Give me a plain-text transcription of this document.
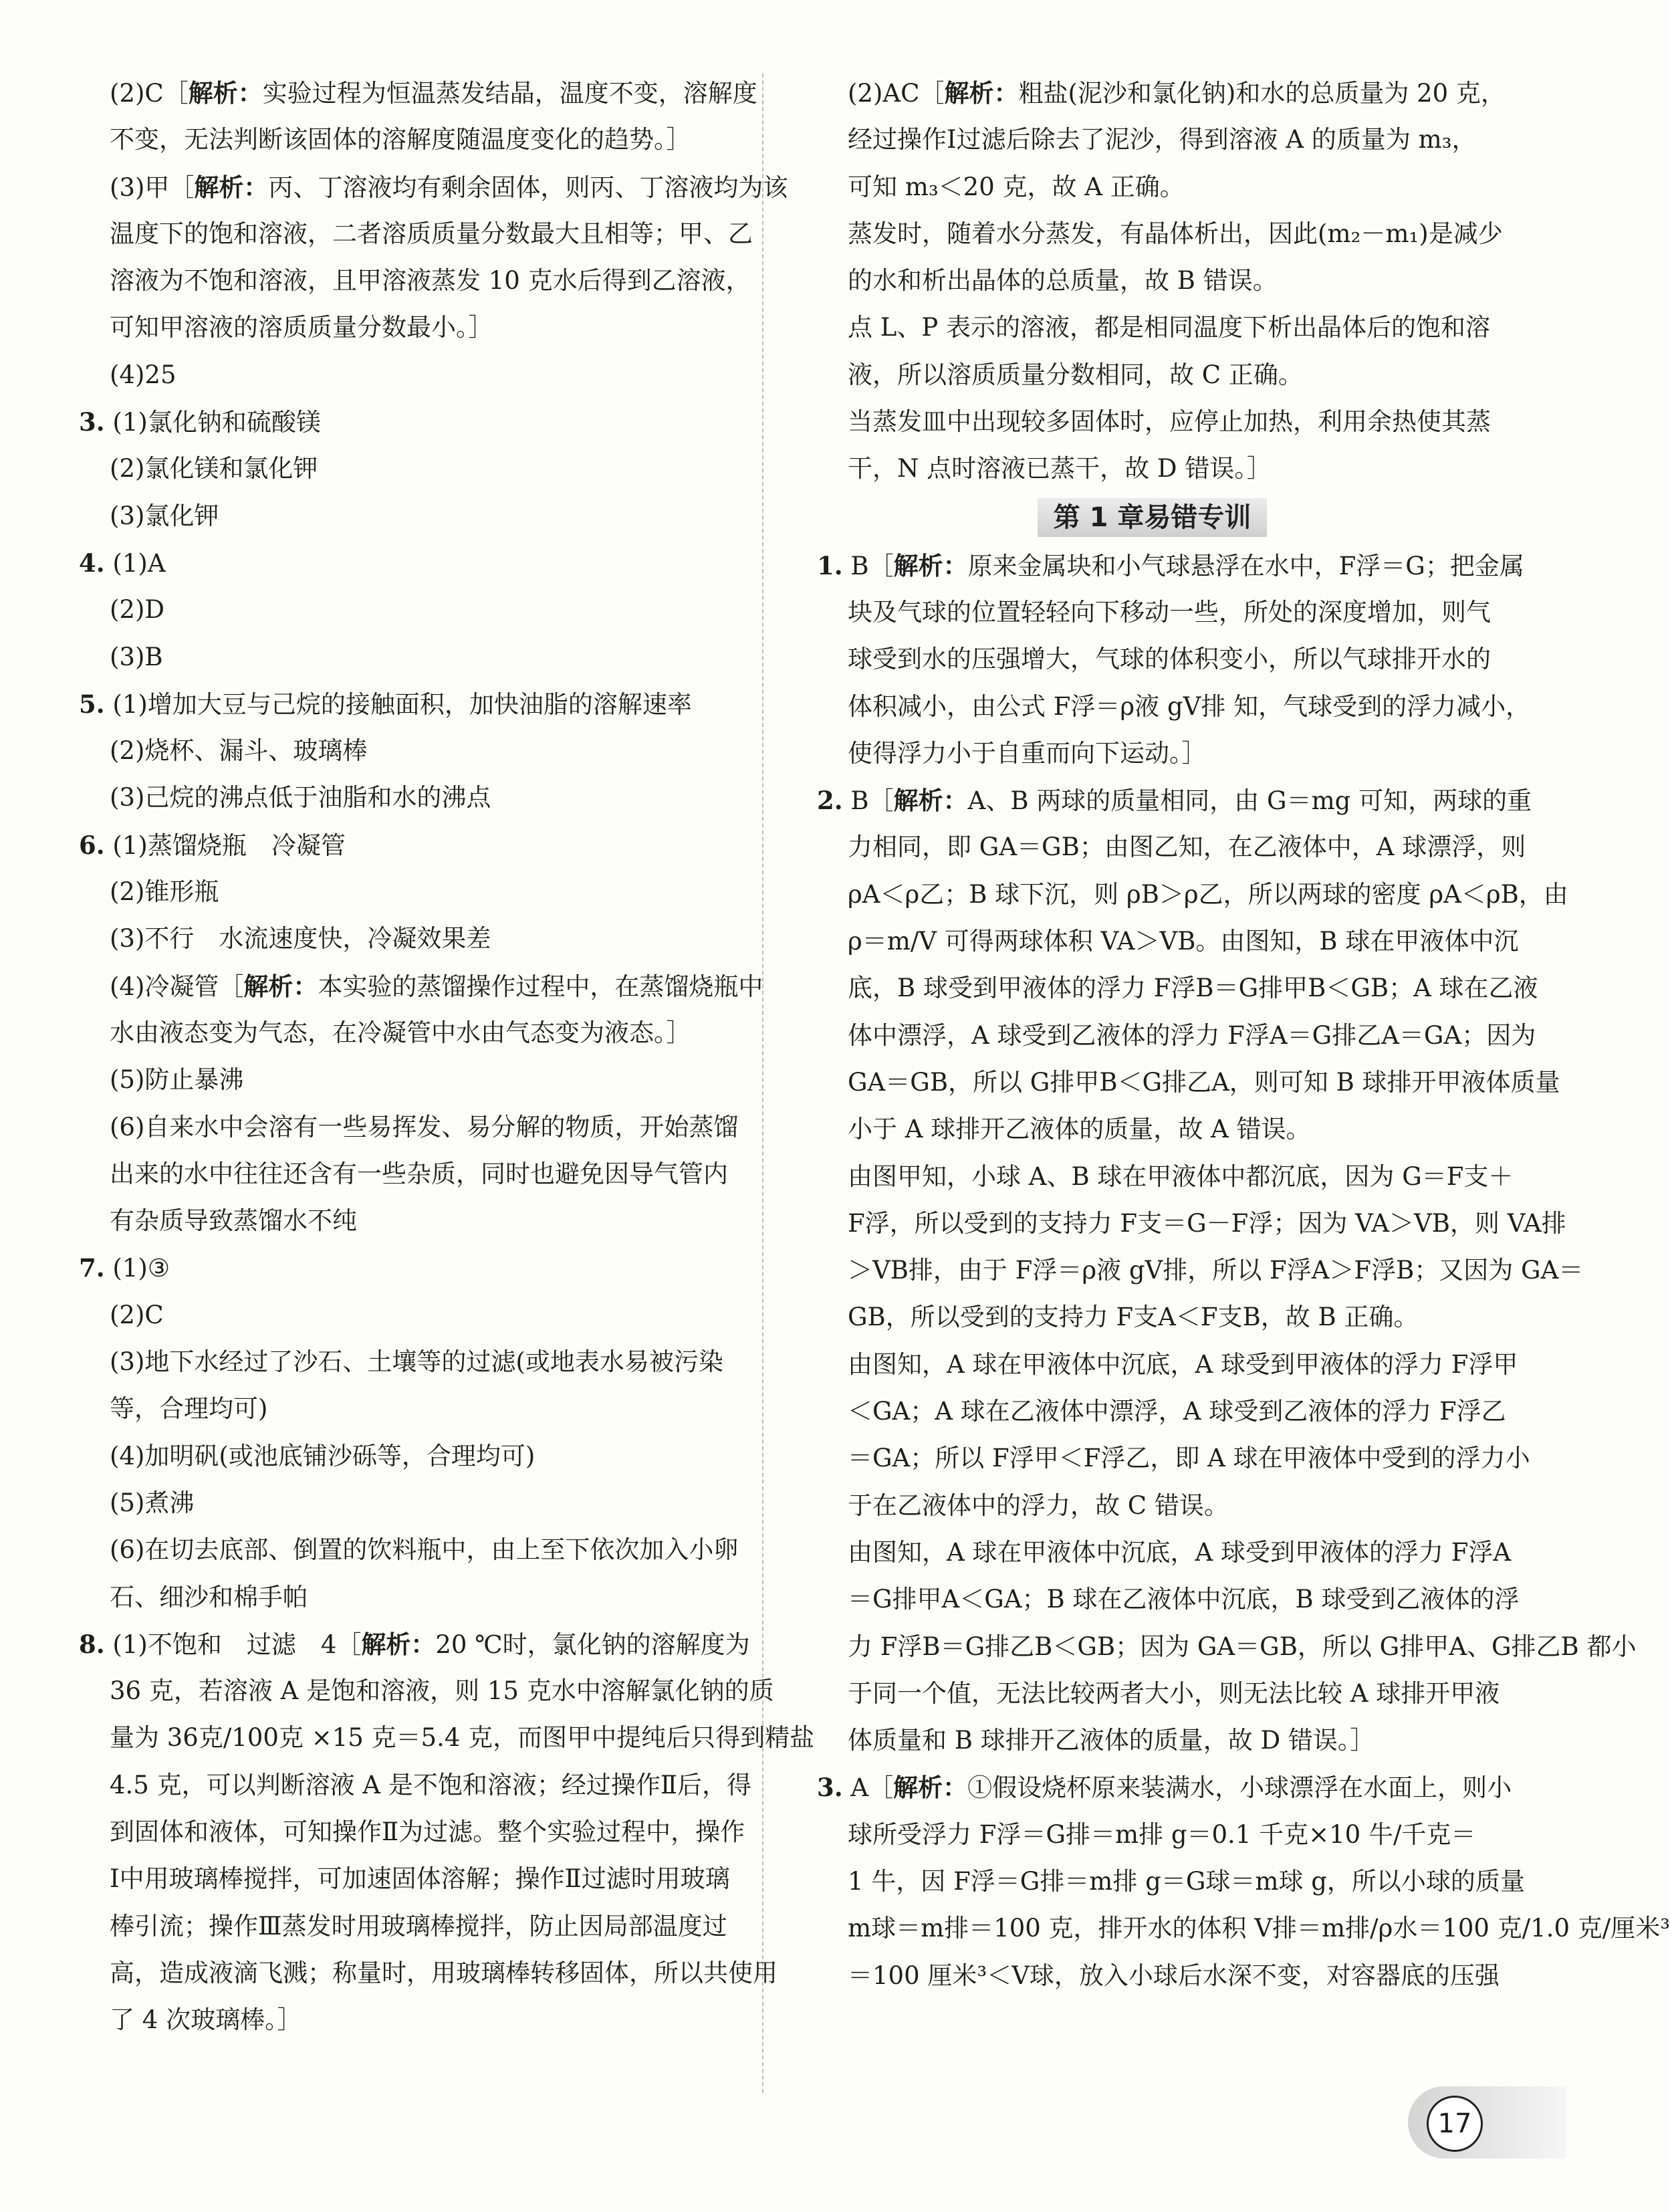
(2)C［解析：实验过程为恒温蒸发结晶，温度不变，溶解度
不变，无法判断该固体的溶解度随温度变化的趋势。］
(3)甲［解析：丙、丁溶液均有剩余固体，则丙、丁溶液均为该
温度下的饱和溶液，二者溶质质量分数最大且相等；甲、乙
溶液为不饱和溶液，且甲溶液蒸发 10 克水后得到乙溶液，
可知甲溶液的溶质质量分数最小。］
(4)25
3. (1)氯化钠和硫酸镁
(2)氯化镁和氯化钾
(3)氯化钾
4. (1)A
(2)D
(3)B
5. (1)增加大豆与己烷的接触面积，加快油脂的溶解速率
(2)烧杯、漏斗、玻璃棒
(3)己烷的沸点低于油脂和水的沸点
6. (1)蒸馏烧瓶　冷凝管
(2)锥形瓶
(3)不行　水流速度快，冷凝效果差
(4)冷凝管［解析：本实验的蒸馏操作过程中，在蒸馏烧瓶中
水由液态变为气态，在冷凝管中水由气态变为液态。］
(5)防止暴沸
(6)自来水中会溶有一些易挥发、易分解的物质，开始蒸馏
出来的水中往往还含有一些杂质，同时也避免因导气管内
有杂质导致蒸馏水不纯
7. (1)③
(2)C
(3)地下水经过了沙石、土壤等的过滤(或地表水易被污染
等，合理均可)
(4)加明矾(或池底铺沙砾等，合理均可)
(5)煮沸
(6)在切去底部、倒置的饮料瓶中，由上至下依次加入小卵
石、细沙和棉手帕
8. (1)不饱和　过滤　4［解析：20 ℃时，氯化钠的溶解度为
36 克，若溶液 A 是饱和溶液，则 15 克水中溶解氯化钠的质
量为 36克/100克 ×15 克＝5.4 克，而图甲中提纯后只得到精盐
4.5 克，可以判断溶液 A 是不饱和溶液；经过操作Ⅱ后，得
到固体和液体，可知操作Ⅱ为过滤。整个实验过程中，操作
Ⅰ中用玻璃棒搅拌，可加速固体溶解；操作Ⅱ过滤时用玻璃
棒引流；操作Ⅲ蒸发时用玻璃棒搅拌，防止因局部温度过
高，造成液滴飞溅；称量时，用玻璃棒转移固体，所以共使用
了 4 次玻璃棒。］
(2)AC［解析：粗盐(泥沙和氯化钠)和水的总质量为 20 克，
经过操作Ⅰ过滤后除去了泥沙，得到溶液 A 的质量为 m₃，
可知 m₃＜20 克，故 A 正确。
蒸发时，随着水分蒸发，有晶体析出，因此(m₂－m₁)是减少
的水和析出晶体的总质量，故 B 错误。
点 L、P 表示的溶液，都是相同温度下析出晶体后的饱和溶
液，所以溶质质量分数相同，故 C 正确。
当蒸发皿中出现较多固体时，应停止加热，利用余热使其蒸
干，N 点时溶液已蒸干，故 D 错误。］
第 1 章易错专训
1. B［解析：原来金属块和小气球悬浮在水中，F浮＝G；把金属
块及气球的位置轻轻向下移动一些，所处的深度增加，则气
球受到水的压强增大，气球的体积变小，所以气球排开水的
体积减小，由公式 F浮＝ρ液 gV排 知，气球受到的浮力减小，
使得浮力小于自重而向下运动。］
2. B［解析：A、B 两球的质量相同，由 G＝mg 可知，两球的重
力相同，即 GA＝GB；由图乙知，在乙液体中，A 球漂浮，则
ρA＜ρ乙；B 球下沉，则 ρB＞ρ乙，所以两球的密度 ρA＜ρB，由
ρ＝m/V 可得两球体积 VA＞VB。由图知，B 球在甲液体中沉
底，B 球受到甲液体的浮力 F浮B＝G排甲B＜GB；A 球在乙液
体中漂浮，A 球受到乙液体的浮力 F浮A＝G排乙A＝GA；因为
GA＝GB，所以 G排甲B＜G排乙A，则可知 B 球排开甲液体质量
小于 A 球排开乙液体的质量，故 A 错误。
由图甲知，小球 A、B 球在甲液体中都沉底，因为 G＝F支＋
F浮，所以受到的支持力 F支＝G－F浮；因为 VA＞VB，则 VA排
＞VB排，由于 F浮＝ρ液 gV排，所以 F浮A＞F浮B；又因为 GA＝
GB，所以受到的支持力 F支A＜F支B，故 B 正确。
由图知，A 球在甲液体中沉底，A 球受到甲液体的浮力 F浮甲
＜GA；A 球在乙液体中漂浮，A 球受到乙液体的浮力 F浮乙
＝GA；所以 F浮甲＜F浮乙，即 A 球在甲液体中受到的浮力小
于在乙液体中的浮力，故 C 错误。
由图知，A 球在甲液体中沉底，A 球受到甲液体的浮力 F浮A
＝G排甲A＜GA；B 球在乙液体中沉底，B 球受到乙液体的浮
力 F浮B＝G排乙B＜GB；因为 GA＝GB，所以 G排甲A、G排乙B 都小
于同一个值，无法比较两者大小，则无法比较 A 球排开甲液
体质量和 B 球排开乙液体的质量，故 D 错误。］
3. A［解析：①假设烧杯原来装满水，小球漂浮在水面上，则小
球所受浮力 F浮＝G排＝m排 g＝0.1 千克×10 牛/千克＝
1 牛，因 F浮＝G排＝m排 g＝G球＝m球 g，所以小球的质量
m球＝m排＝100 克，排开水的体积 V排＝m排/ρ水＝100 克/1.0 克/厘米³
＝100 厘米³＜V球，放入小球后水深不变，对容器底的压强
17
